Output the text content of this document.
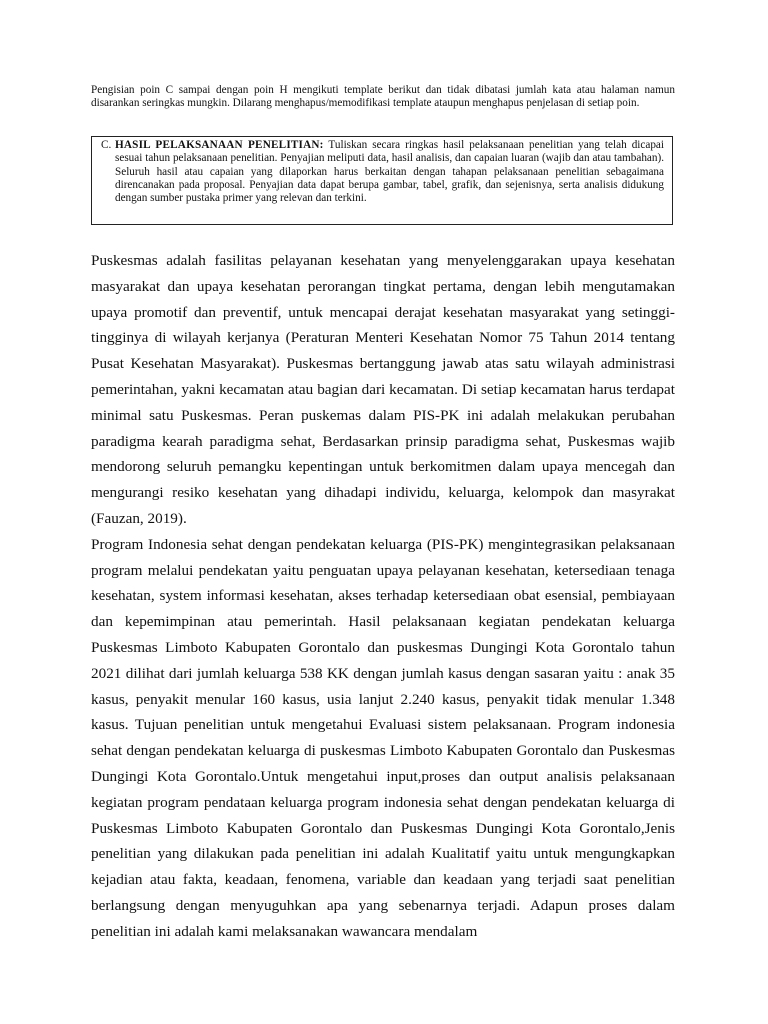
Pengisian poin C sampai dengan poin H mengikuti template berikut dan tidak dibatasi jumlah kata atau halaman namun disarankan seringkas mungkin. Dilarang menghapus/memodifikasi template ataupun menghapus penjelasan di setiap poin.

C. HASIL PELAKSANAAN PENELITIAN: Tuliskan secara ringkas hasil pelaksanaan penelitian yang telah dicapai sesuai tahun pelaksanaan penelitian. Penyajian meliputi data, hasil analisis, dan capaian luaran (wajib dan atau tambahan). Seluruh hasil atau capaian yang dilaporkan harus berkaitan dengan tahapan pelaksanaan penelitian sebagaimana direncanakan pada proposal. Penyajian data dapat berupa gambar, tabel, grafik, dan sejenisnya, serta analisis didukung dengan sumber pustaka primer yang relevan dan terkini.

Puskesmas adalah fasilitas pelayanan kesehatan yang menyelenggarakan upaya kesehatan masyarakat dan upaya kesehatan perorangan tingkat pertama, dengan lebih mengutamakan upaya promotif dan preventif, untuk mencapai derajat kesehatan masyarakat yang setinggi-tingginya di wilayah kerjanya (Peraturan Menteri Kesehatan Nomor 75 Tahun 2014 tentang Pusat Kesehatan Masyarakat). Puskesmas bertanggung jawab atas satu wilayah administrasi pemerintahan, yakni kecamatan atau bagian dari kecamatan. Di setiap kecamatan harus terdapat minimal satu Puskesmas. Peran puskemas dalam PIS-PK ini adalah melakukan perubahan paradigma kearah paradigma sehat, Berdasarkan prinsip paradigma sehat, Puskesmas wajib mendorong seluruh pemangku kepentingan untuk berkomitmen dalam upaya mencegah dan mengurangi resiko kesehatan yang dihadapi individu, keluarga, kelompok dan masyrakat (Fauzan, 2019).

Program Indonesia sehat dengan pendekatan keluarga (PIS-PK) mengintegrasikan pelaksanaan program melalui pendekatan yaitu penguatan upaya pelayanan kesehatan, ketersediaan tenaga kesehatan, system informasi kesehatan, akses terhadap ketersediaan obat esensial, pembiayaan dan kepemimpinan atau pemerintah. Hasil pelaksanaan kegiatan pendekatan keluarga Puskesmas Limboto Kabupaten Gorontalo dan puskesmas Dungingi Kota Gorontalo tahun 2021 dilihat dari jumlah keluarga 538 KK dengan jumlah kasus dengan sasaran yaitu : anak 35 kasus, penyakit menular 160 kasus, usia lanjut 2.240 kasus, penyakit tidak menular 1.348 kasus. Tujuan penelitian untuk mengetahui Evaluasi sistem pelaksanaan. Program indonesia sehat dengan pendekatan keluarga di puskesmas Limboto Kabupaten Gorontalo dan Puskesmas Dungingi Kota Gorontalo.Untuk mengetahui input,proses dan output analisis pelaksanaan kegiatan program pendataan keluarga program indonesia sehat dengan pendekatan keluarga di Puskesmas Limboto Kabupaten Gorontalo dan Puskesmas Dungingi Kota Gorontalo,Jenis penelitian yang dilakukan pada penelitian ini adalah Kualitatif yaitu untuk mengungkapkan kejadian atau fakta, keadaan, fenomena, variable dan keadaan yang terjadi saat penelitian berlangsung dengan menyuguhkan apa yang sebenarnya terjadi. Adapun proses dalam penelitian ini adalah kami melaksanakan wawancara mendalam
